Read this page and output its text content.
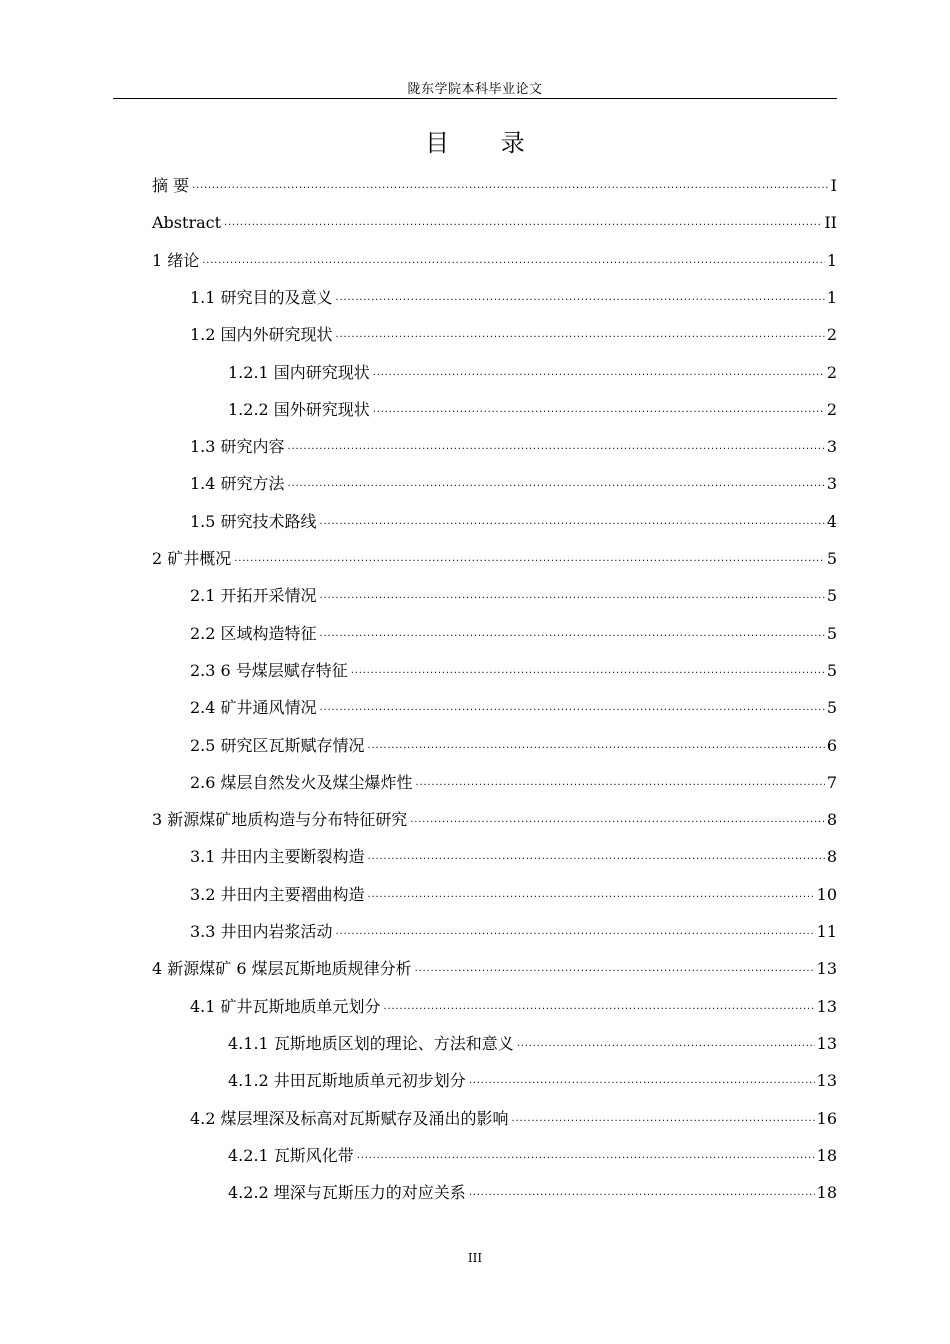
陇东学院本科毕业论文
目 录
摘 要 . . .	I
Abstract . . .	II
1 绪论 . . .	1
1.1 研究目的及意义 . . .	1
1.2 国内外研究现状 . . .	2
1.2.1 国内研究现状 . . .	2
1.2.2 国外研究现状 . . .	2
1.3 研究内容 . . .	3
1.4 研究方法 . . .	3
1.5 研究技术路线 . . .	4
2 矿井概况 . . .	5
2.1 开拓开采情况 . . .	5
2.2 区域构造特征 . . .	5
2.3 6 号煤层赋存特征 . . .	5
2.4 矿井通风情况 . . .	5
2.5 研究区瓦斯赋存情况 . . .	6
2.6 煤层自然发火及煤尘爆炸性 . . .	7
3 新源煤矿地质构造与分布特征研究 . . .	8
3.1 井田内主要断裂构造 . . .	8
3.2 井田内主要褶曲构造 . . .	10
3.3 井田内岩浆活动 . . .	11
4 新源煤矿 6 煤层瓦斯地质规律分析 . . .	13
4.1 矿井瓦斯地质单元划分 . . .	13
4.1.1 瓦斯地质区划的理论、方法和意义 . . .	13
4.1.2 井田瓦斯地质单元初步划分 . . .	13
4.2 煤层埋深及标高对瓦斯赋存及涌出的影响 . . .	16
4.2.1 瓦斯风化带 . . .	18
4.2.2 埋深与瓦斯压力的对应关系 . . .	18
III
